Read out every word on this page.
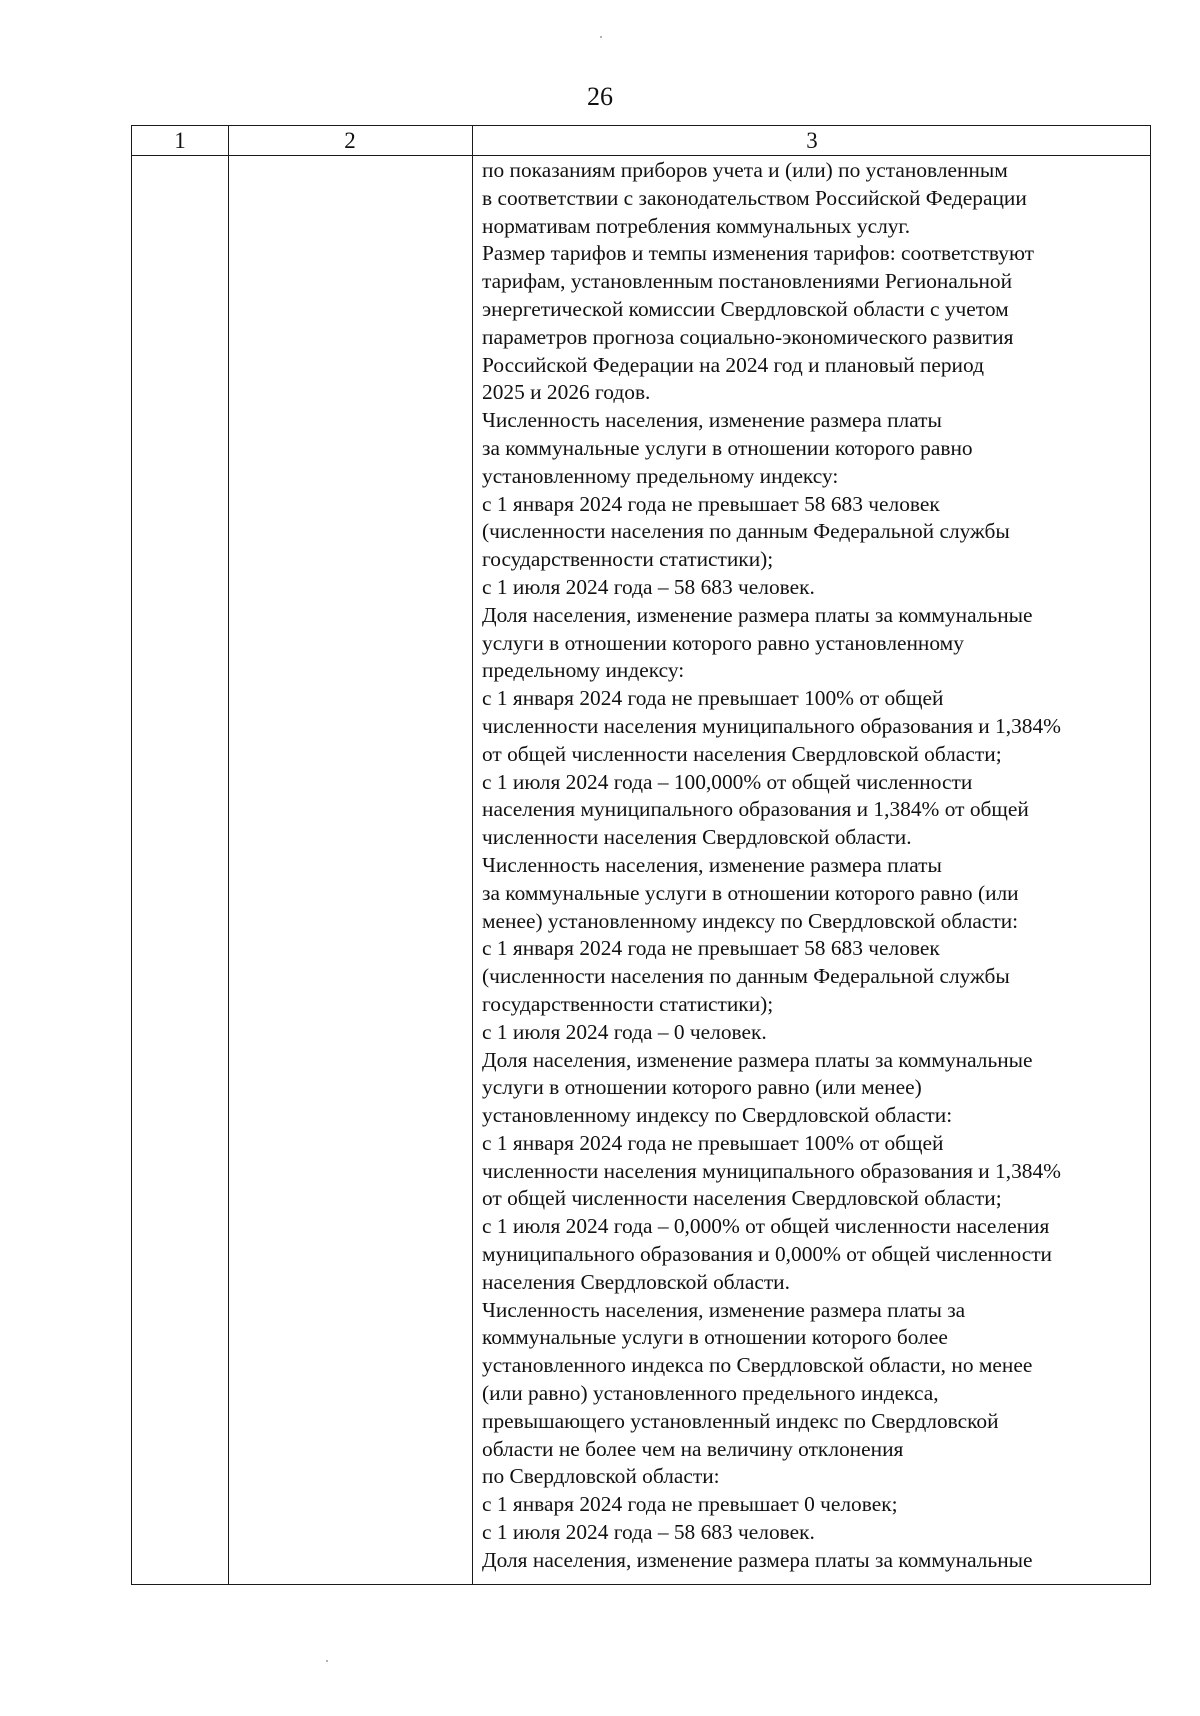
26
1	2	3
по показаниям приборов учета и (или) по установленным
в соответствии с законодательством Российской Федерации
нормативам потребления коммунальных услуг.
Размер тарифов и темпы изменения тарифов: соответствуют
тарифам, установленным постановлениями Региональной
энергетической комиссии Свердловской области с учетом
параметров прогноза социально-экономического развития
Российской Федерации на 2024 год и плановый период
2025 и 2026 годов.
Численность населения, изменение размера платы
за коммунальные услуги в отношении которого равно
установленному предельному индексу:
с 1 января 2024 года не превышает 58 683 человек
(численности населения по данным Федеральной службы
государственности статистики);
с 1 июля 2024 года – 58 683 человек.
Доля населения, изменение размера платы за коммунальные
услуги в отношении которого равно установленному
предельному индексу:
с 1 января 2024 года не превышает 100% от общей
численности населения муниципального образования и 1,384%
от общей численности населения Свердловской области;
с 1 июля 2024 года – 100,000% от общей численности
населения муниципального образования и 1,384% от общей
численности населения Свердловской области.
Численность населения, изменение размера платы
за коммунальные услуги в отношении которого равно (или
менее) установленному индексу по Свердловской области:
с 1 января 2024 года не превышает 58 683 человек
(численности населения по данным Федеральной службы
государственности статистики);
с 1 июля 2024 года – 0 человек.
Доля населения, изменение размера платы за коммунальные
услуги в отношении которого равно (или менее)
установленному индексу по Свердловской области:
с 1 января 2024 года не превышает 100% от общей
численности населения муниципального образования и 1,384%
от общей численности населения Свердловской области;
с 1 июля 2024 года – 0,000% от общей численности населения
муниципального образования и 0,000% от общей численности
населения Свердловской области.
Численность населения, изменение размера платы за
коммунальные услуги в отношении которого более
установленного индекса по Свердловской области, но менее
(или равно) установленного предельного индекса,
превышающего установленный индекс по Свердловской
области не более чем на величину отклонения
по Свердловской области:
с 1 января 2024 года не превышает 0 человек;
с 1 июля 2024 года – 58 683 человек.
Доля населения, изменение размера платы за коммунальные
